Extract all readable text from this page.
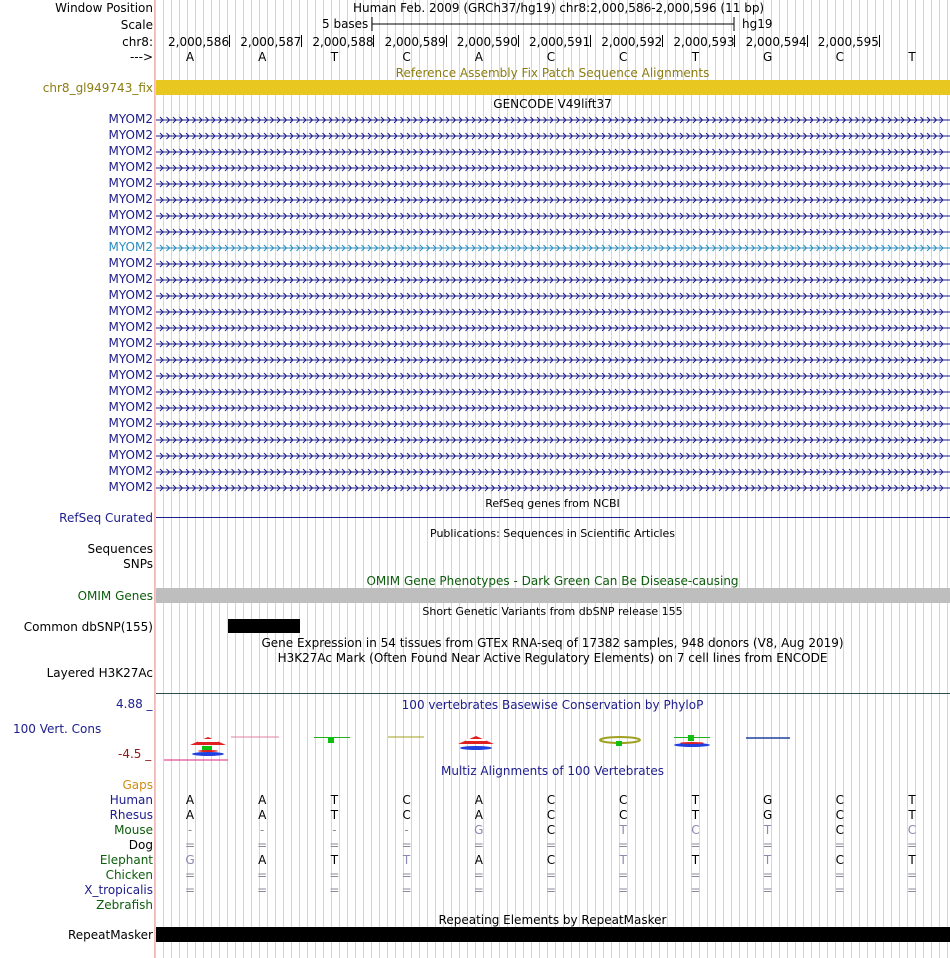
Window Position	Human Feb. 2009 (GRCh37/hg19) chr8:2,000,586-2,000,596 (11 bp)
Scale	5 bases	hg19
chr8: 2,000,586 2,000,587 2,000,588 2,000,589 2,000,590 2,000,591 2,000,592 2,000,593 2,000,594 2,000,595
--->	A	A	T	C	A	C	C	T	G	C	T
Reference Assembly Fix Patch Sequence Alignments
chr8_gl949743_fix
GENCODE V49lift37
MYOM2
MYOM2
MYOM2
MYOM2
MYOM2
MYOM2
MYOM2
MYOM2
MYOM2
MYOM2
MYOM2
MYOM2
MYOM2
MYOM2
MYOM2
MYOM2
MYOM2
MYOM2
MYOM2
MYOM2
MYOM2
MYOM2
MYOM2
MYOM2
RefSeq genes from NCBI
RefSeq Curated
Publications: Sequences in Scientific Articles
Sequences
SNPs
OMIM Gene Phenotypes - Dark Green Can Be Disease-causing
OMIM Genes
Short Genetic Variants from dbSNP release 155
Common dbSNP(155)
Gene Expression in 54 tissues from GTEx RNA-seq of 17382 samples, 948 donors (V8, Aug 2019)
H3K27Ac Mark (Often Found Near Active Regulatory Elements) on 7 cell lines from ENCODE
Layered H3K27Ac
4.88 _	100 vertebrates Basewise Conservation by PhyloP
100 Vert. Cons
-4.5 _
Multiz Alignments of 100 Vertebrates
Gaps
Human	A	A	T	C	A	C	C	T	G	C	T
Rhesus	A	A	T	C	A	C	C	T	G	C	T
Mouse	-	-	-	-	G	C	T	C	T	C	C
Dog	=	=	=	=	=	=	=	=	=	=	=
Elephant	G	A	T	T	A	C	T	T	T	C	T
Chicken	=	=	=	=	=	=	=	=	=	=	=
X_tropicalis	=	=	=	=	=	=	=	=	=	=	=
Zebrafish
Repeating Elements by RepeatMasker
RepeatMasker
